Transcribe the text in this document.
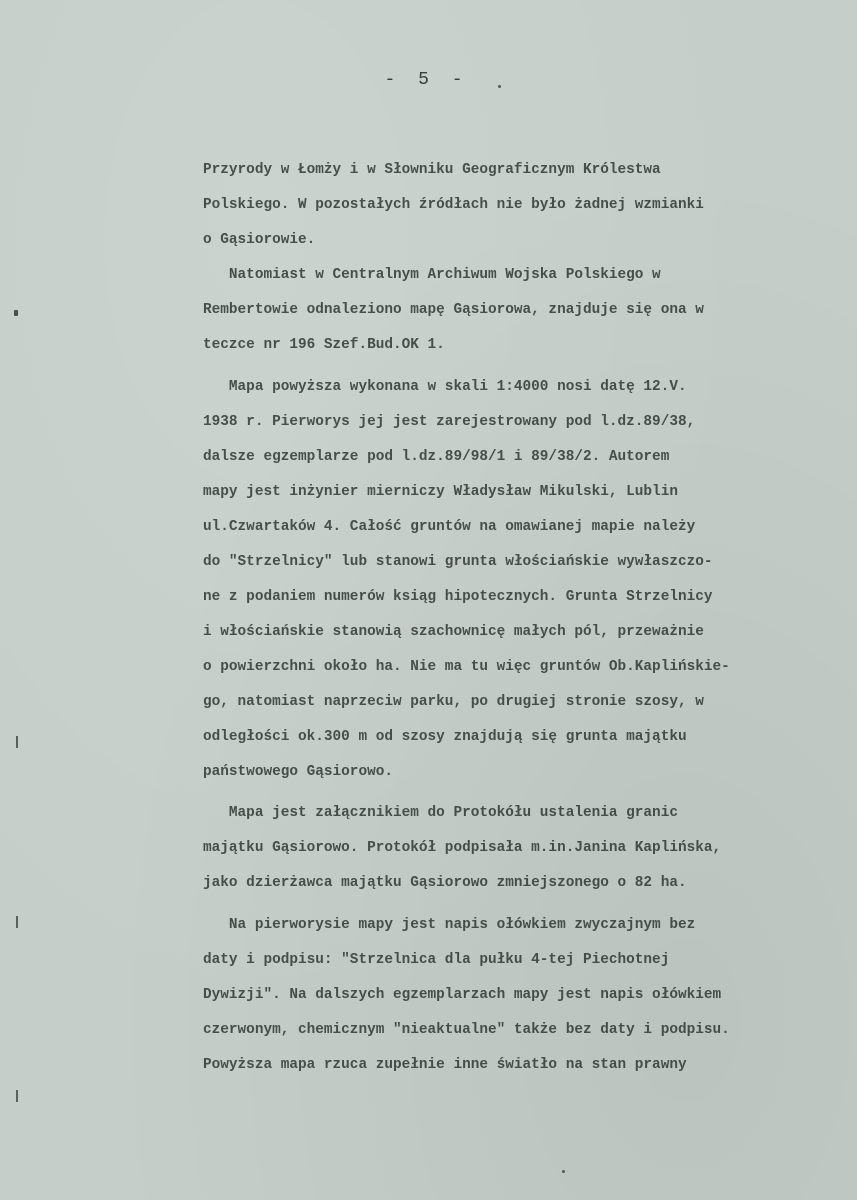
- 5 -
Przyrody w Łomży i w Słowniku Geograficznym Królestwa
Polskiego. W pozostałych źródłach nie było żadnej wzmianki
o Gąsiorowie.
Natomiast w Centralnym Archiwum Wojska Polskiego w
Rembertowie odnaleziono mapę Gąsiorowa, znajduje się ona w
teczce nr 196 Szef.Bud.OK 1.
Mapa powyższa wykonana w skali 1:4000 nosi datę 12.V.
1938 r. Pierworys jej jest zarejestrowany pod l.dz.89/38,
dalsze egzemplarze pod l.dz.89/98/1 i 89/38/2. Autorem
mapy jest inżynier mierniczy Władysław Mikulski, Lublin
ul.Czwartaków 4. Całość gruntów na omawianej mapie należy
do "Strzelnicy" lub stanowi grunta włościańskie wywłaszczo-
ne z podaniem numerów ksiąg hipotecznych. Grunta Strzelnicy
i włościańskie stanowią szachownicę małych pól, przeważnie
o powierzchni około ha. Nie ma tu więc gruntów Ob.Kaplińskie-
go, natomiast naprzeciw parku, po drugiej stronie szosy, w
odległości ok.300 m od szosy znajdują się grunta majątku
państwowego Gąsiorowo.
Mapa jest załącznikiem do Protokółu ustalenia granic
majątku Gąsiorowo. Protokół podpisała m.in.Janina Kaplińska,
jako dzierżawca majątku Gąsiorowo zmniejszonego o 82 ha.
Na pierworysie mapy jest napis ołówkiem zwyczajnym bez
daty i podpisu: "Strzelnica dla pułku 4-tej Piechotnej
Dywizji". Na dalszych egzemplarzach mapy jest napis ołówkiem
czerwonym, chemicznym "nieaktualne" także bez daty i podpisu.
Powyższa mapa rzuca zupełnie inne światło na stan prawny
